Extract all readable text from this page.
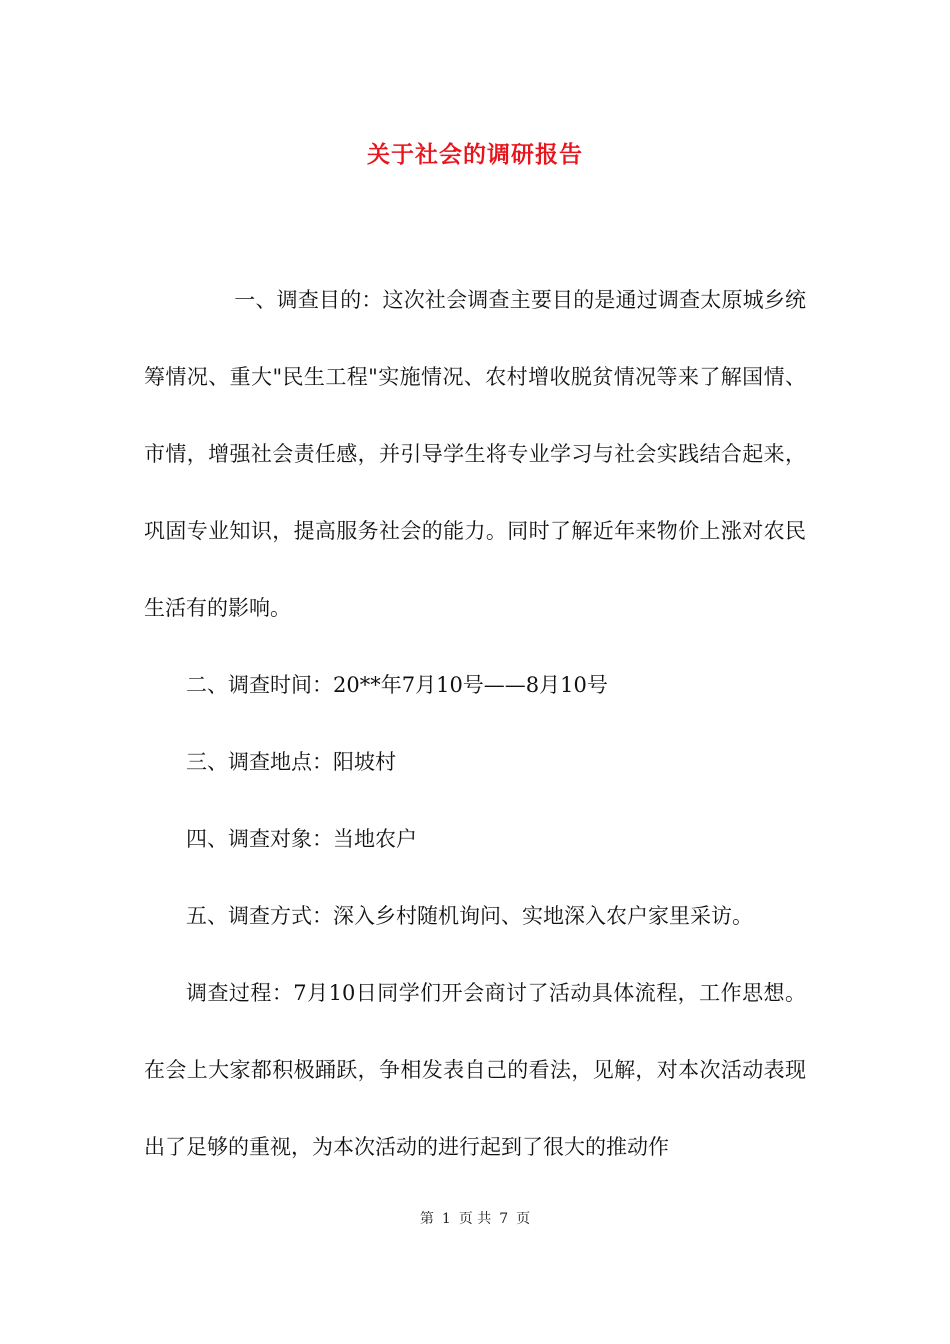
关于社会的调研报告

一、调查目的：这次社会调查主要目的是通过调查太原城乡统筹情况、重大"民生工程"实施情况、农村增收脱贫情况等来了解国情、市情，增强社会责任感，并引导学生将专业学习与社会实践结合起来，巩固专业知识，提高服务社会的能力。同时了解近年来物价上涨对农民生活有的影响。

二、调查时间：20**年7月10号——8月10号

三、调查地点：阳坡村

四、调查对象：当地农户

五、调查方式：深入乡村随机询问、实地深入农户家里采访。

调查过程：7月10日同学们开会商讨了活动具体流程，工作思想。在会上大家都积极踊跃，争相发表自己的看法，见解，对本次活动表现出了足够的重视，为本次活动的进行起到了很大的推动作

第 1 页 共 7 页
